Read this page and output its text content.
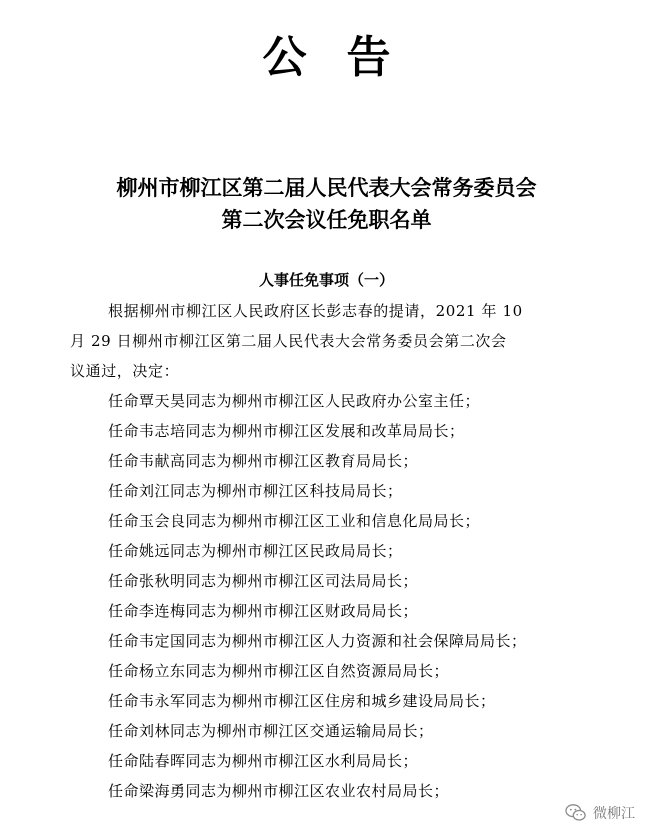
公告
柳州市柳江区第二届人民代表大会常务委员会
第二次会议任免职名单
人事任免事项（一）
根据柳州市柳江区人民政府区长彭志春的提请，2021 年 10
月 29 日柳州市柳江区第二届人民代表大会常务委员会第二次会
议通过，决定：
任命覃天昊同志为柳州市柳江区人民政府办公室主任；
任命韦志培同志为柳州市柳江区发展和改革局局长；
任命韦献高同志为柳州市柳江区教育局局长；
任命刘江同志为柳州市柳江区科技局局长；
任命玉会良同志为柳州市柳江区工业和信息化局局长；
任命姚远同志为柳州市柳江区民政局局长；
任命张秋明同志为柳州市柳江区司法局局长；
任命李连梅同志为柳州市柳江区财政局局长；
任命韦定国同志为柳州市柳江区人力资源和社会保障局局长；
任命杨立东同志为柳州市柳江区自然资源局局长；
任命韦永军同志为柳州市柳江区住房和城乡建设局局长；
任命刘林同志为柳州市柳江区交通运输局局长；
任命陆春晖同志为柳州市柳江区水利局局长；
任命梁海勇同志为柳州市柳江区农业农村局局长；
微柳江
